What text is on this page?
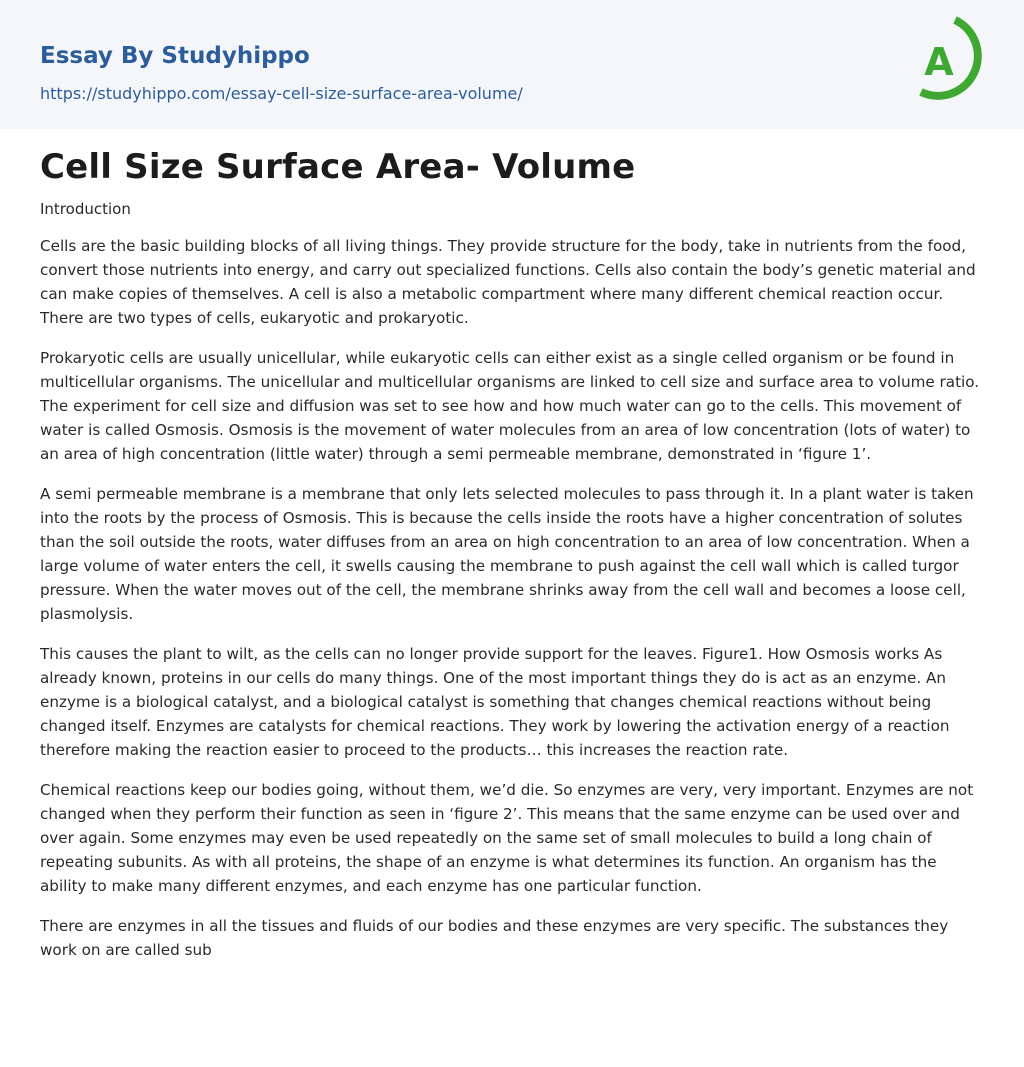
Essay By Studyhippo
https://studyhippo.com/essay-cell-size-surface-area-volume/
A
Cell Size Surface Area- Volume
Introduction

Cells are the basic building blocks of all living things. They provide structure for the body, take in nutrients from the food, convert those nutrients into energy, and carry out specialized functions. Cells also contain the body’s genetic material and can make copies of themselves. A cell is also a metabolic compartment where many different chemical reaction occur. There are two types of cells, eukaryotic and prokaryotic.

Prokaryotic cells are usually unicellular, while eukaryotic cells can either exist as a single celled organism or be found in multicellular organisms. The unicellular and multicellular organisms are linked to cell size and surface area to volume ratio. The experiment for cell size and diffusion was set to see how and how much water can go to the cells. This movement of water is called Osmosis. Osmosis is the movement of water molecules from an area of low concentration (lots of water) to an area of high concentration (little water) through a semi permeable membrane, demonstrated in ‘figure 1’.

A semi permeable membrane is a membrane that only lets selected molecules to pass through it. In a plant water is taken into the roots by the process of Osmosis. This is because the cells inside the roots have a higher concentration of solutes than the soil outside the roots, water diffuses from an area on high concentration to an area of low concentration. When a large volume of water enters the cell, it swells causing the membrane to push against the cell wall which is called turgor pressure. When the water moves out of the cell, the membrane shrinks away from the cell wall and becomes a loose cell, plasmolysis.

This causes the plant to wilt, as the cells can no longer provide support for the leaves. Figure1. How Osmosis works As already known, proteins in our cells do many things. One of the most important things they do is act as an enzyme. An enzyme is a biological catalyst, and a biological catalyst is something that changes chemical reactions without being changed itself. Enzymes are catalysts for chemical reactions. They work by lowering the activation energy of a reaction therefore making the reaction easier to proceed to the products… this increases the reaction rate.

Chemical reactions keep our bodies going, without them, we’d die. So enzymes are very, very important. Enzymes are not changed when they perform their function as seen in ‘figure 2’. This means that the same enzyme can be used over and over again. Some enzymes may even be used repeatedly on the same set of small molecules to build a long chain of repeating subunits. As with all proteins, the shape of an enzyme is what determines its function. An organism has the ability to make many different enzymes, and each enzyme has one particular function.

There are enzymes in all the tissues and fluids of our bodies and these enzymes are very specific. The substances they work on are called sub
